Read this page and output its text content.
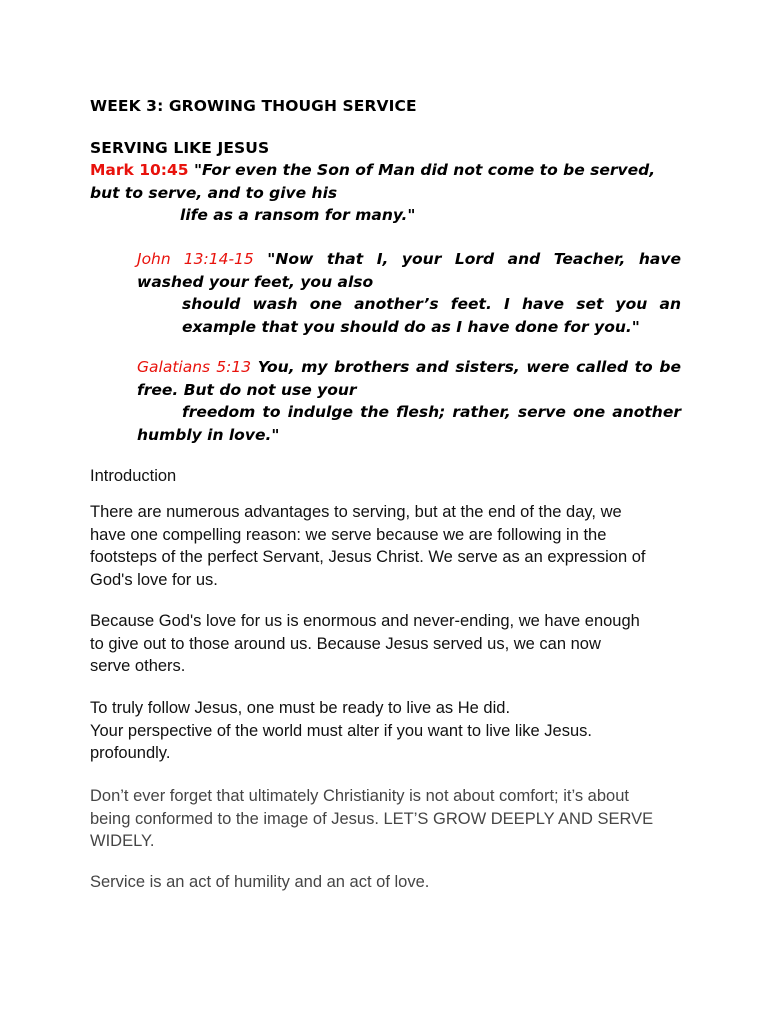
WEEK 3: GROWING THOUGH SERVICE
SERVING LIKE JESUS
Mark 10:45 "For even the Son of Man did not come to be served,
but to serve, and to give his
life as a ransom for many."
John 13:14-15 "Now that I, your Lord and Teacher, have
washed your feet, you also
should wash one another’s feet. I have set you an
example that you should do as I have done for you."
Galatians 5:13 You, my brothers and sisters, were called to be
free. But do not use your
freedom to indulge the flesh; rather, serve one another
humbly in love."
Introduction
There are numerous advantages to serving, but at the end of the day, we
have one compelling reason: we serve because we are following in the
footsteps of the perfect Servant, Jesus Christ. We serve as an expression of
God's love for us.
Because God's love for us is enormous and never-ending, we have enough
to give out to those around us. Because Jesus served us, we can now
serve others.
To truly follow Jesus, one must be ready to live as He did.
Your perspective of the world must alter if you want to live like Jesus.
profoundly.
Don’t ever forget that ultimately Christianity is not about comfort; it’s about
being conformed to the image of Jesus. LET’S GROW DEEPLY AND SERVE
WIDELY.
Service is an act of humility and an act of love.
